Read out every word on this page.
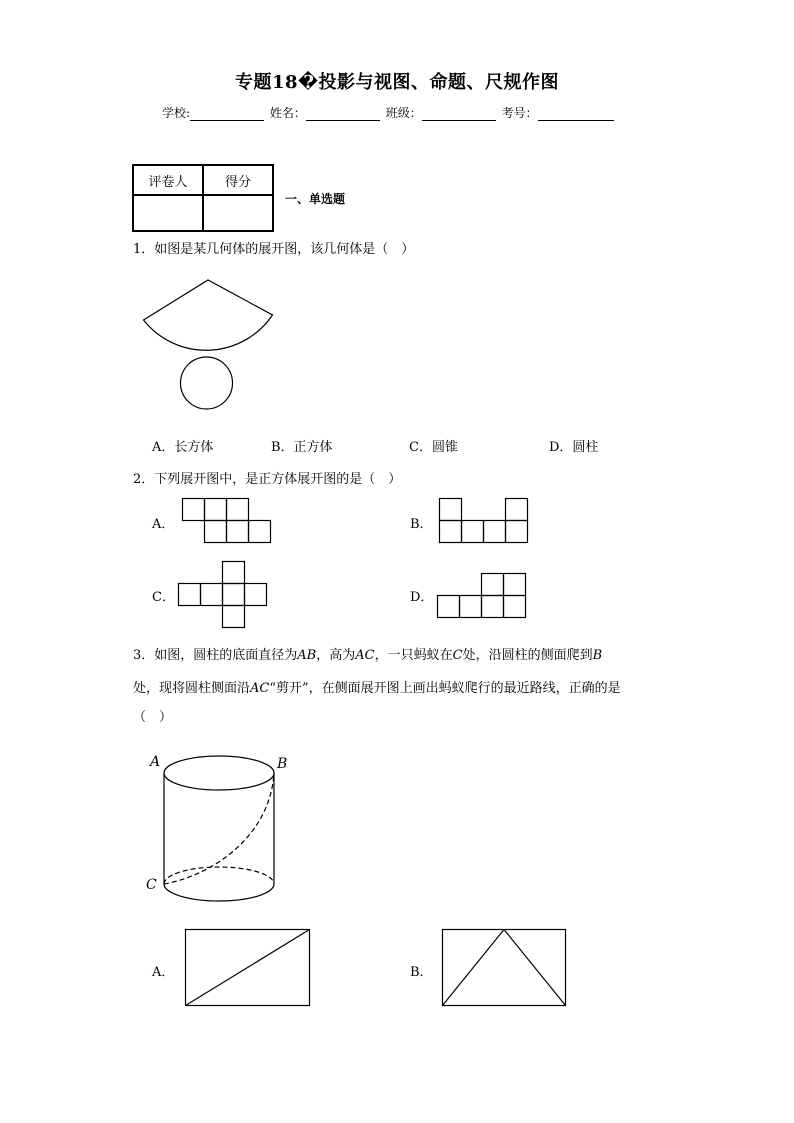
专题18�投影与视图、命题、尺规作图
学校:	姓名：	班级：	考号：
评卷人	得分

一、单选题
1．如图是某几何体的展开图，该几何体是（　）
A．长方体	B．正方体	C．圆锥	D．圆柱
2．下列展开图中，是正方体展开图的是（　）
A．	B．
C．	D．
3．如图，圆柱的底面直径为AB，高为AC，一只蚂蚁在C处，沿圆柱的侧面爬到B
处，现将圆柱侧面沿AC“剪开”，在侧面展开图上画出蚂蚁爬行的最近路线，正确的是
（　）
A	B
C
A．	B．
